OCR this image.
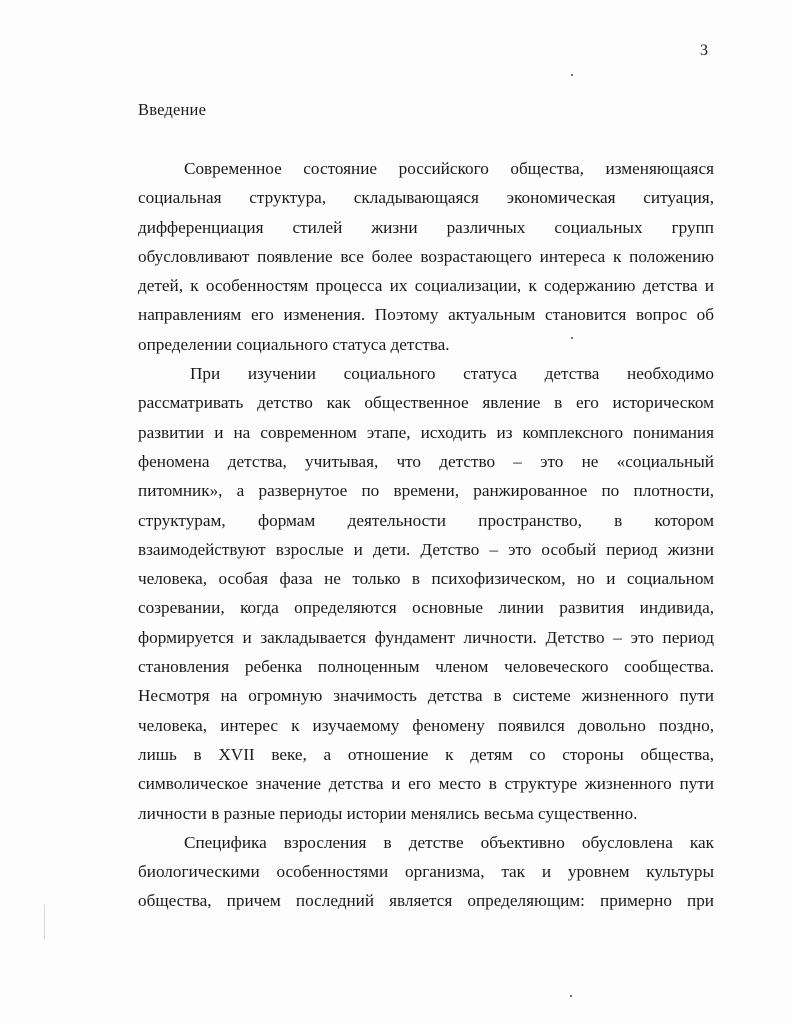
3
Введение
Современное состояние российского общества, изменяющаяся
социальная структура, складывающаяся экономическая ситуация,
дифференциация стилей жизни различных социальных групп
обусловливают появление все более возрастающего интереса к положению
детей, к особенностям процесса их социализации, к содержанию детства и
направлениям его изменения. Поэтому актуальным становится вопрос об
определении социального статуса детства.
При изучении социального статуса детства необходимо
рассматривать детство как общественное явление в его историческом
развитии и на современном этапе, исходить из комплексного понимания
феномена детства, учитывая, что детство – это не «социальный
питомник», а развернутое по времени, ранжированное по плотности,
структурам, формам деятельности пространство, в котором
взаимодействуют взрослые и дети. Детство – это особый период жизни
человека, особая фаза не только в психофизическом, но и социальном
созревании, когда определяются основные линии развития индивида,
формируется и закладывается фундамент личности. Детство – это период
становления ребенка полноценным членом человеческого сообщества.
Несмотря на огромную значимость детства в системе жизненного пути
человека, интерес к изучаемому феномену появился довольно поздно,
лишь в XVII веке, а отношение к детям со стороны общества,
символическое значение детства и его место в структуре жизненного пути
личности в разные периоды истории менялись весьма существенно.
Специфика взросления в детстве объективно обусловлена как
биологическими особенностями организма, так и уровнем культуры
общества, причем последний является определяющим: примерно при
